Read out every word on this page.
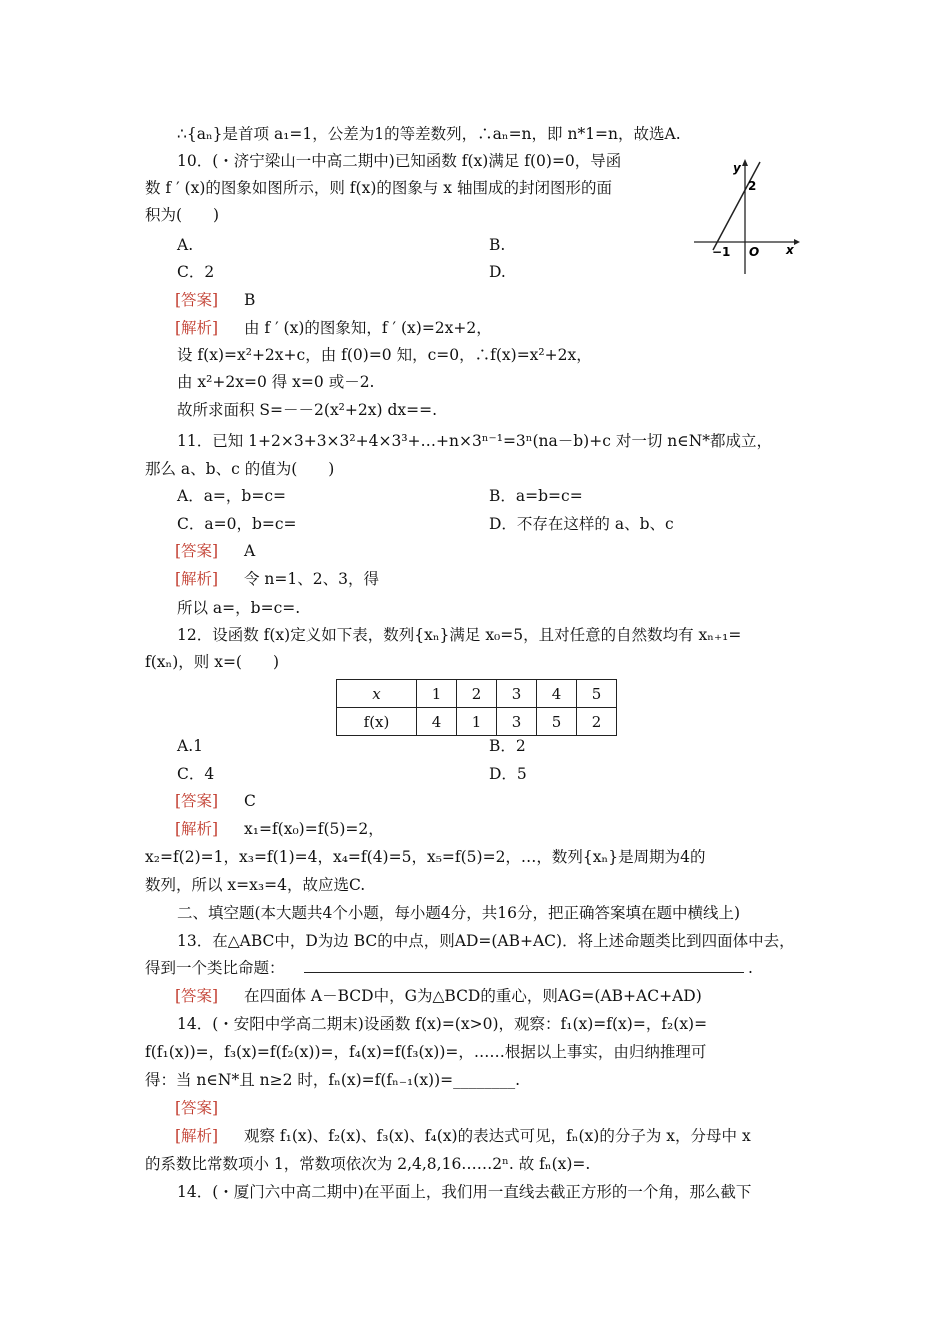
∴{aₙ}是首项 a₁=1，公差为1的等差数列，∴aₙ=n，即 n*1=n，故选A.
10．(・济宁梁山一中高二期中)已知函数 f(x)满足 f(0)=0，导函
数 f ′ (x)的图象如图所示，则 f(x)的图象与 x 轴围成的封闭图形的面
积为(　　)
A.	B.
C．2	D.
[答案] B
[解析] 由 f ′ (x)的图象知，f ′ (x)=2x+2，
设 f(x)=x²+2x+c，由 f(0)=0 知，c=0，∴f(x)=x²+2x，
由 x²+2x=0 得 x=0 或－2.
故所求面积 S=－－2(x²+2x) dx==.
y
2
−1 O x
11．已知 1+2×3+3×3²+4×3³+…+n×3ⁿ⁻¹=3ⁿ(na－b)+c 对一切 n∈N*都成立，
那么 a、b、c 的值为(　　)
A．a=，b=c=	B．a=b=c=
C．a=0，b=c=	D．不存在这样的 a、b、c
[答案] A
[解析] 令 n=1、2、3，得
所以 a=，b=c=.
12．设函数 f(x)定义如下表，数列{xₙ}满足 x₀=5，且对任意的自然数均有 xₙ₊₁=
f(xₙ)，则 x=(　　)
x	1	2	3	4	5
f(x)	4	1	3	5	2
A.1	B．2
C．4	D．5
[答案] C
[解析] x₁=f(x₀)=f(5)=2，
x₂=f(2)=1，x₃=f(1)=4，x₄=f(4)=5，x₅=f(5)=2，…，数列{xₙ}是周期为4的
数列，所以 x=x₃=4，故应选C.
二、填空题(本大题共4个小题，每小题4分，共16分，把正确答案填在题中横线上)
13．在△ABC中，D为边 BC的中点，则AD=(AB+AC)．将上述命题类比到四面体中去，
得到一个类比命题：	.
[答案] 在四面体 A－BCD中，G为△BCD的重心，则AG=(AB+AC+AD)
14．(・安阳中学高二期末)设函数 f(x)=(x>0)，观察：f₁(x)=f(x)=，f₂(x)=
f(f₁(x))=，f₃(x)=f(f₂(x))=，f₄(x)=f(f₃(x))=，……根据以上事实，由归纳推理可
得：当 n∈N*且 n≥2 时，fₙ(x)=f(fₙ₋₁(x))=________.
[答案]
[解析] 观察 f₁(x)、f₂(x)、f₃(x)、f₄(x)的表达式可见，fₙ(x)的分子为 x，分母中 x
的系数比常数项小 1，常数项依次为 2,4,8,16……2ⁿ. 故 fₙ(x)=.
14．(・厦门六中高二期中)在平面上，我们用一直线去截正方形的一个角，那么截下
